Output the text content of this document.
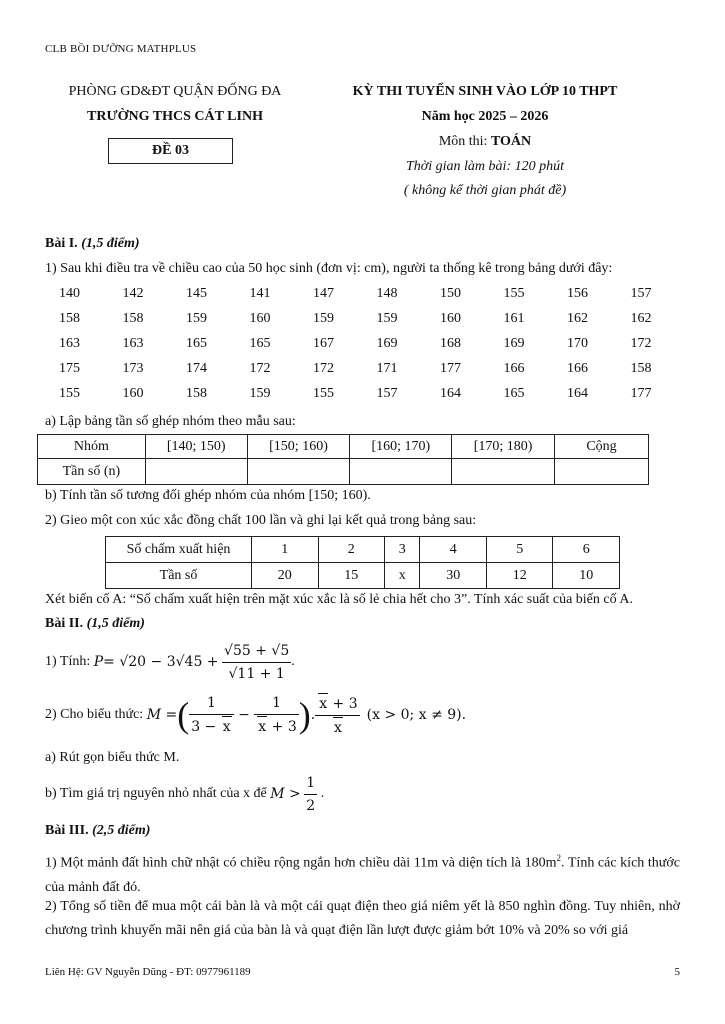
CLB BỒI DƯỠNG MATHPLUS
PHÒNG GD&ĐT QUẬN ĐỐNG ĐA
TRƯỜNG THCS CÁT LINH
ĐỀ 03
KỲ THI TUYỂN SINH VÀO LỚP 10 THPT
Năm học 2025 – 2026
Môn thi: TOÁN
Thời gian làm bài: 120 phút
( không kể thời gian phát đề)
Bài I. (1,5 điểm)
1) Sau khi điều tra về chiều cao của 50 học sinh (đơn vị: cm), người ta thống kê trong bảng dưới đây:
140	142	145	141	147	148	150	155	156	157
158	158	159	160	159	159	160	161	162	162
163	163	165	165	167	169	168	169	170	172
175	173	174	172	172	171	177	166	166	158
155	160	158	159	155	157	164	165	164	177
a) Lập bảng tần số ghép nhóm theo mẫu sau:
Nhóm	[140; 150)	[150; 160)	[160; 170)	[170; 180)	Cộng
Tần số (n)					
b) Tính tần số tương đối ghép nhóm của nhóm [150; 160).
2) Gieo một con xúc xắc đồng chất 100 lần và ghi lại kết quả trong bảng sau:
Số chấm xuất hiện	1	2	3	4	5	6
Tần số	20	15	x	30	12	10
Xét biến cố A: “Số chấm xuất hiện trên mặt xúc xắc là số lẻ chia hết cho 3”. Tính xác suất của biến cố A.
Bài II. (1,5 điểm)
1) Tính:
P = √20 − 3√45 +
$\frac{√55 + √5}{√11 + 1}$ .
2) Cho biểu thức:
M = ( $\frac{1}{3 - x} - \frac{1}{x + 3}$ ) . $\frac{x + 3}{x}$
(x > 0; x ≠ 9).
a) Rút gọn biểu thức M.
b) Tìm giá trị nguyên nhỏ nhất của x để
M >
$\frac{1}{2}$ .
Bài III. (2,5 điểm)
1) Một mảnh đất hình chữ nhật có chiều rộng ngắn hơn chiều dài 11m và diện tích là $180m^2$. Tính các kích thước của mảnh đất đó.
2) Tổng số tiền để mua một cái bàn là và một cái quạt điện theo giá niêm yết là 850 nghìn đồng. Tuy nhiên, nhờ chương trình khuyến mãi nên giá của bàn là và quạt điện lần lượt được giảm bớt 10% và 20% so với giá
Liên Hệ: GV Nguyễn Dũng - ĐT: 0977961189	5
